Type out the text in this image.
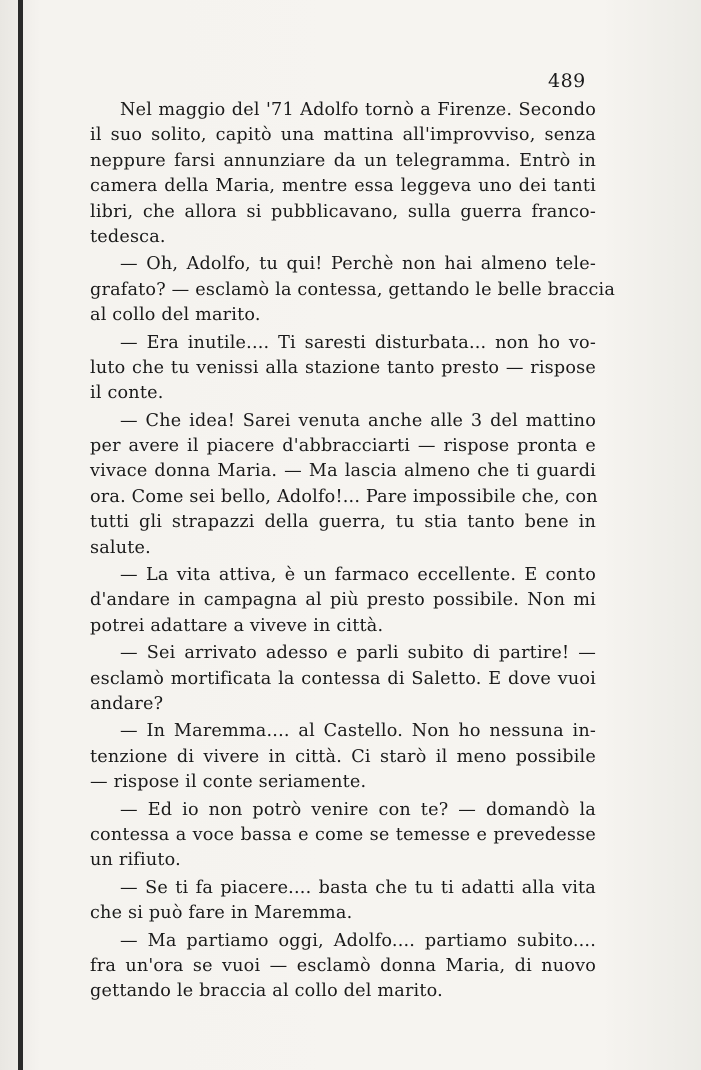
489
Nel maggio del '71 Adolfo tornò a Firenze. Secondo
il suo solito, capitò una mattina all'improvviso, senza
neppure farsi annunziare da un telegramma. Entrò in
camera della Maria, mentre essa leggeva uno dei tanti
libri, che allora si pubblicavano, sulla guerra franco-
tedesca.
— Oh, Adolfo, tu qui! Perchè non hai almeno tele-
grafato? — esclamò la contessa, gettando le belle braccia
al collo del marito.
— Era inutile.... Ti saresti disturbata... non ho vo-
luto che tu venissi alla stazione tanto presto — rispose
il conte.
— Che idea! Sarei venuta anche alle 3 del mattino
per avere il piacere d'abbracciarti — rispose pronta e
vivace donna Maria. — Ma lascia almeno che ti guardi
ora. Come sei bello, Adolfo!... Pare impossibile che, con
tutti gli strapazzi della guerra, tu stia tanto bene in
salute.
— La vita attiva, è un farmaco eccellente. E conto
d'andare in campagna al più presto possibile. Non mi
potrei adattare a viveve in città.
— Sei arrivato adesso e parli subito di partire! —
esclamò mortificata la contessa di Saletto. E dove vuoi
andare?
— In Maremma.... al Castello. Non ho nessuna in-
tenzione di vivere in città. Ci starò il meno possibile
— rispose il conte seriamente.
— Ed io non potrò venire con te? — domandò la
contessa a voce bassa e come se temesse e prevedesse
un rifiuto.
— Se ti fa piacere.... basta che tu ti adatti alla vita
che si può fare in Maremma.
— Ma partiamo oggi, Adolfo.... partiamo subito....
fra un'ora se vuoi — esclamò donna Maria, di nuovo
gettando le braccia al collo del marito.
